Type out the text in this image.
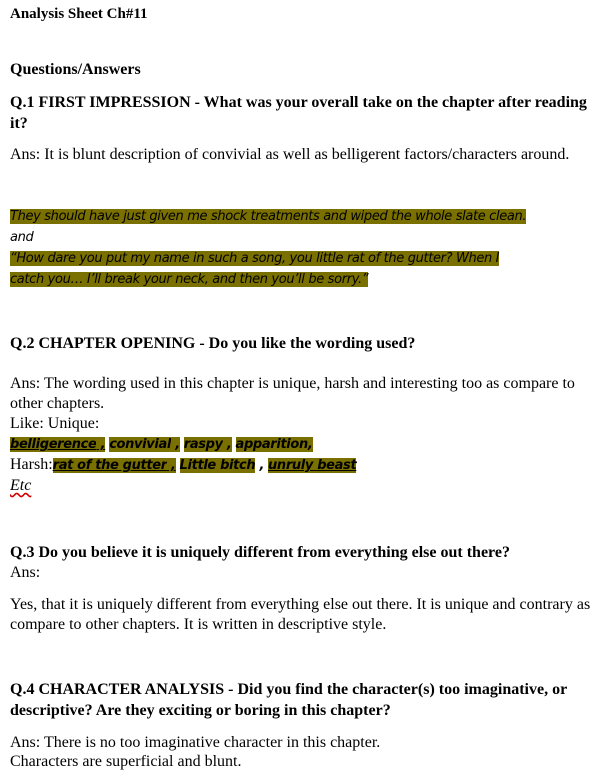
Analysis Sheet Ch#11
Questions/Answers
Q.1 FIRST IMPRESSION - What was your overall take on the chapter after reading it?
Ans: It is blunt description of convivial as well as belligerent factors/characters around.
They should have just given me shock treatments and wiped the whole slate clean.
and
“How dare you put my name in such a song, you little rat of the gutter? When I
catch you… I’ll break your neck, and then you’ll be sorry.”
Q.2 CHAPTER OPENING - Do you like the wording used?
Ans: The wording used in this chapter is unique, harsh and interesting too as compare to other chapters.
Like: Unique:
belligerence , convivial , raspy , apparition,
Harsh:rat of the gutter , Little bitch , unruly beast
Etc
Q.3 Do you believe it is uniquely different from everything else out there?
Ans:
Yes, that it is uniquely different from everything else out there. It is unique and contrary as compare to other chapters. It is written in descriptive style.
Q.4 CHARACTER ANALYSIS - Did you find the character(s) too imaginative, or descriptive? Are they exciting or boring in this chapter?
Ans: There is no too imaginative character in this chapter.
Characters are superficial and blunt.
